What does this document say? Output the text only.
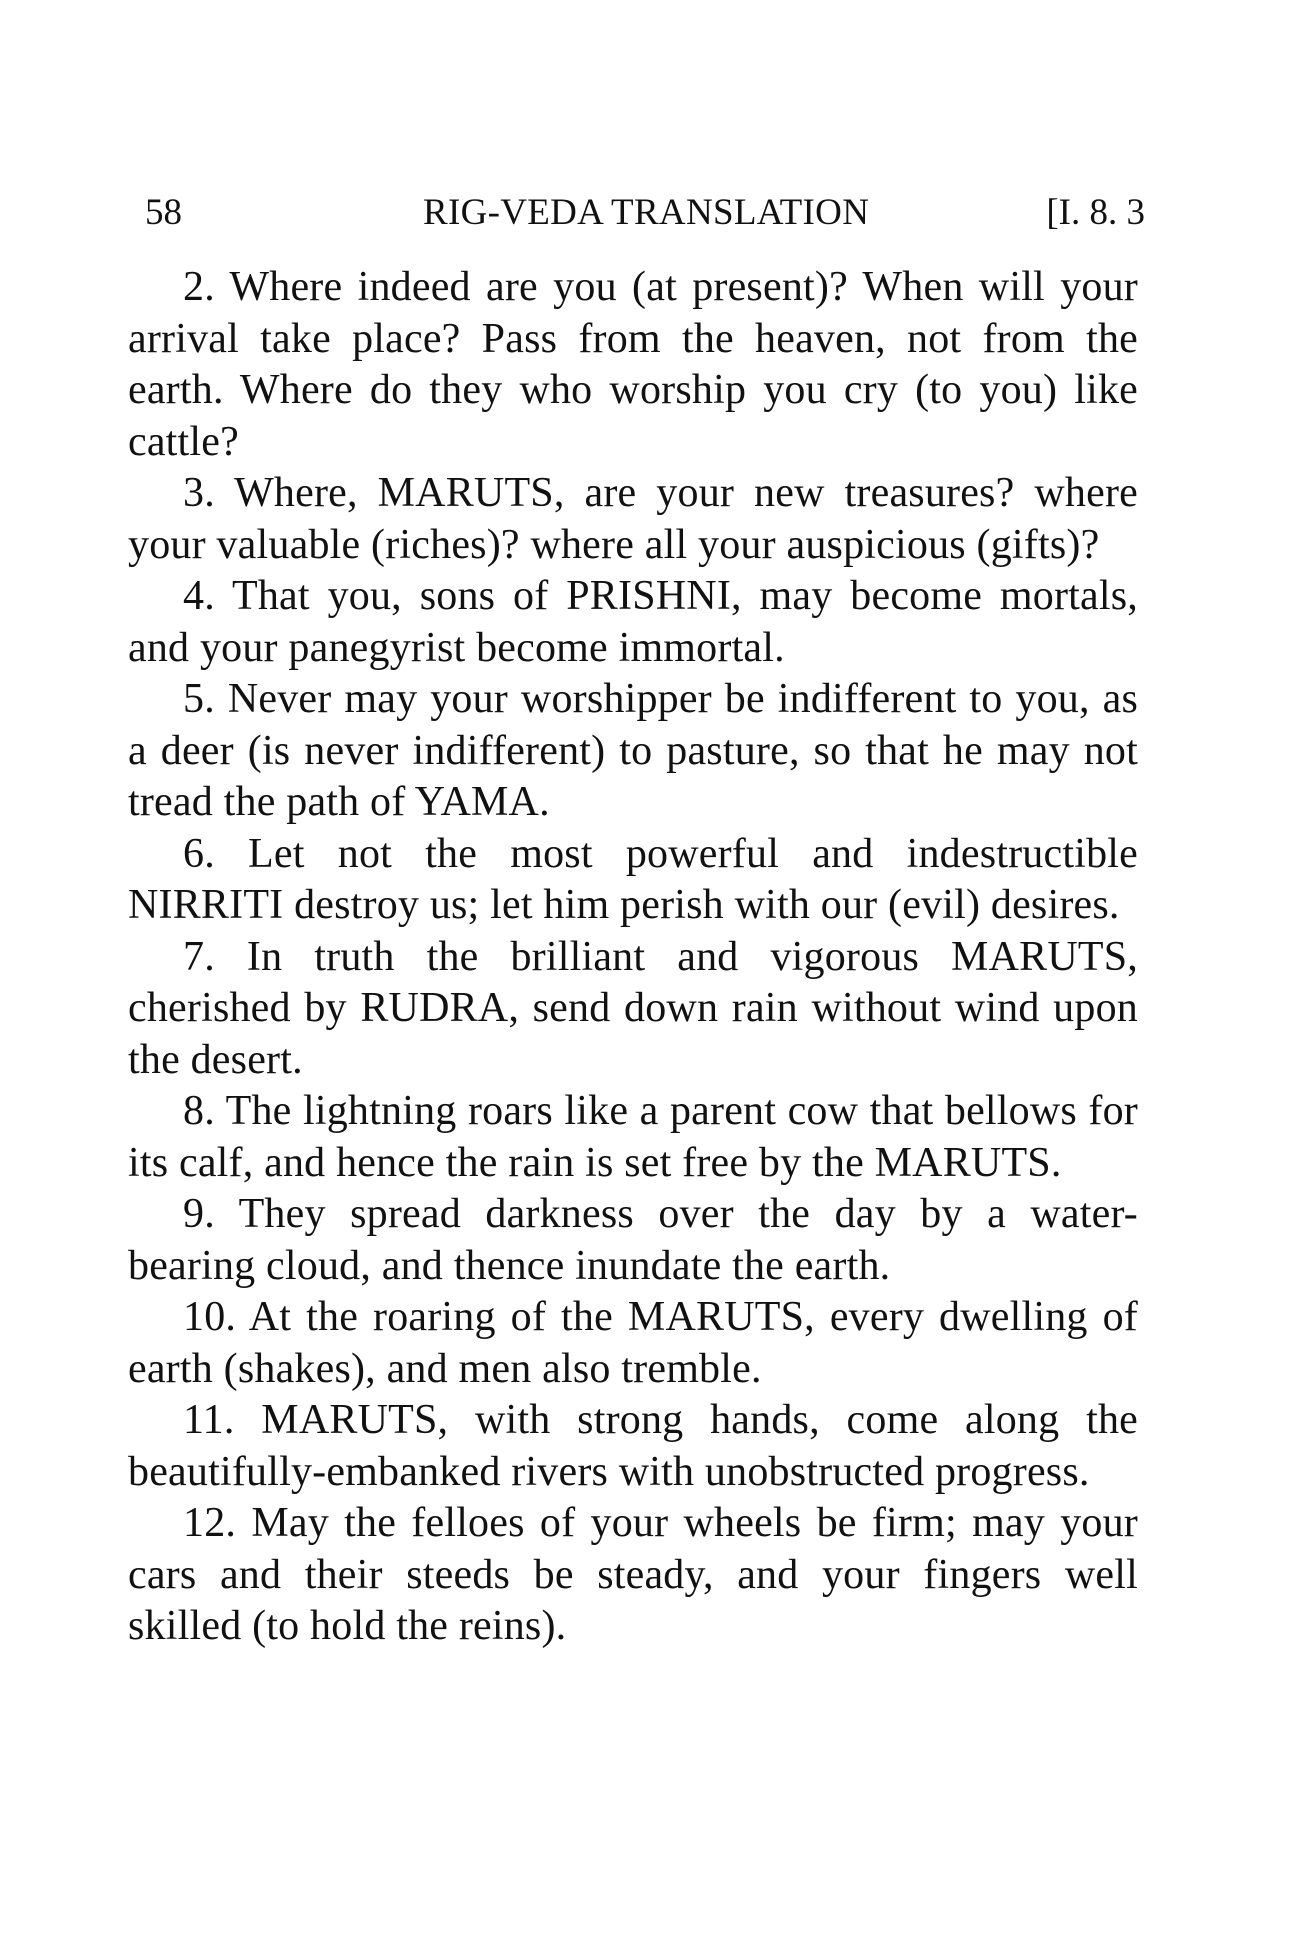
58	RIG-VEDA TRANSLATION	[I. 8. 3

2. Where indeed are you (at present)? When will your arrival take place? Pass from the heaven, not from the earth. Where do they who worship you cry (to you) like cattle?

3. Where, MARUTS, are your new treasures? where your valuable (riches)? where all your auspicious (gifts)?

4. That you, sons of PRISHNI, may become mortals, and your panegyrist become immortal.

5. Never may your worshipper be indifferent to you, as a deer (is never indifferent) to pasture, so that he may not tread the path of YAMA.

6. Let not the most powerful and indestructible NIRRITI destroy us; let him perish with our (evil) desires.

7. In truth the brilliant and vigorous MARUTS, cherished by RUDRA, send down rain without wind upon the desert.

8. The lightning roars like a parent cow that bellows for its calf, and hence the rain is set free by the MARUTS.

9. They spread darkness over the day by a water-bearing cloud, and thence inundate the earth.

10. At the roaring of the MARUTS, every dwelling of earth (shakes), and men also tremble.

11. MARUTS, with strong hands, come along the beautifully-embanked rivers with unobstructed progress.

12. May the felloes of your wheels be firm; may your cars and their steeds be steady, and your fingers well skilled (to hold the reins).
